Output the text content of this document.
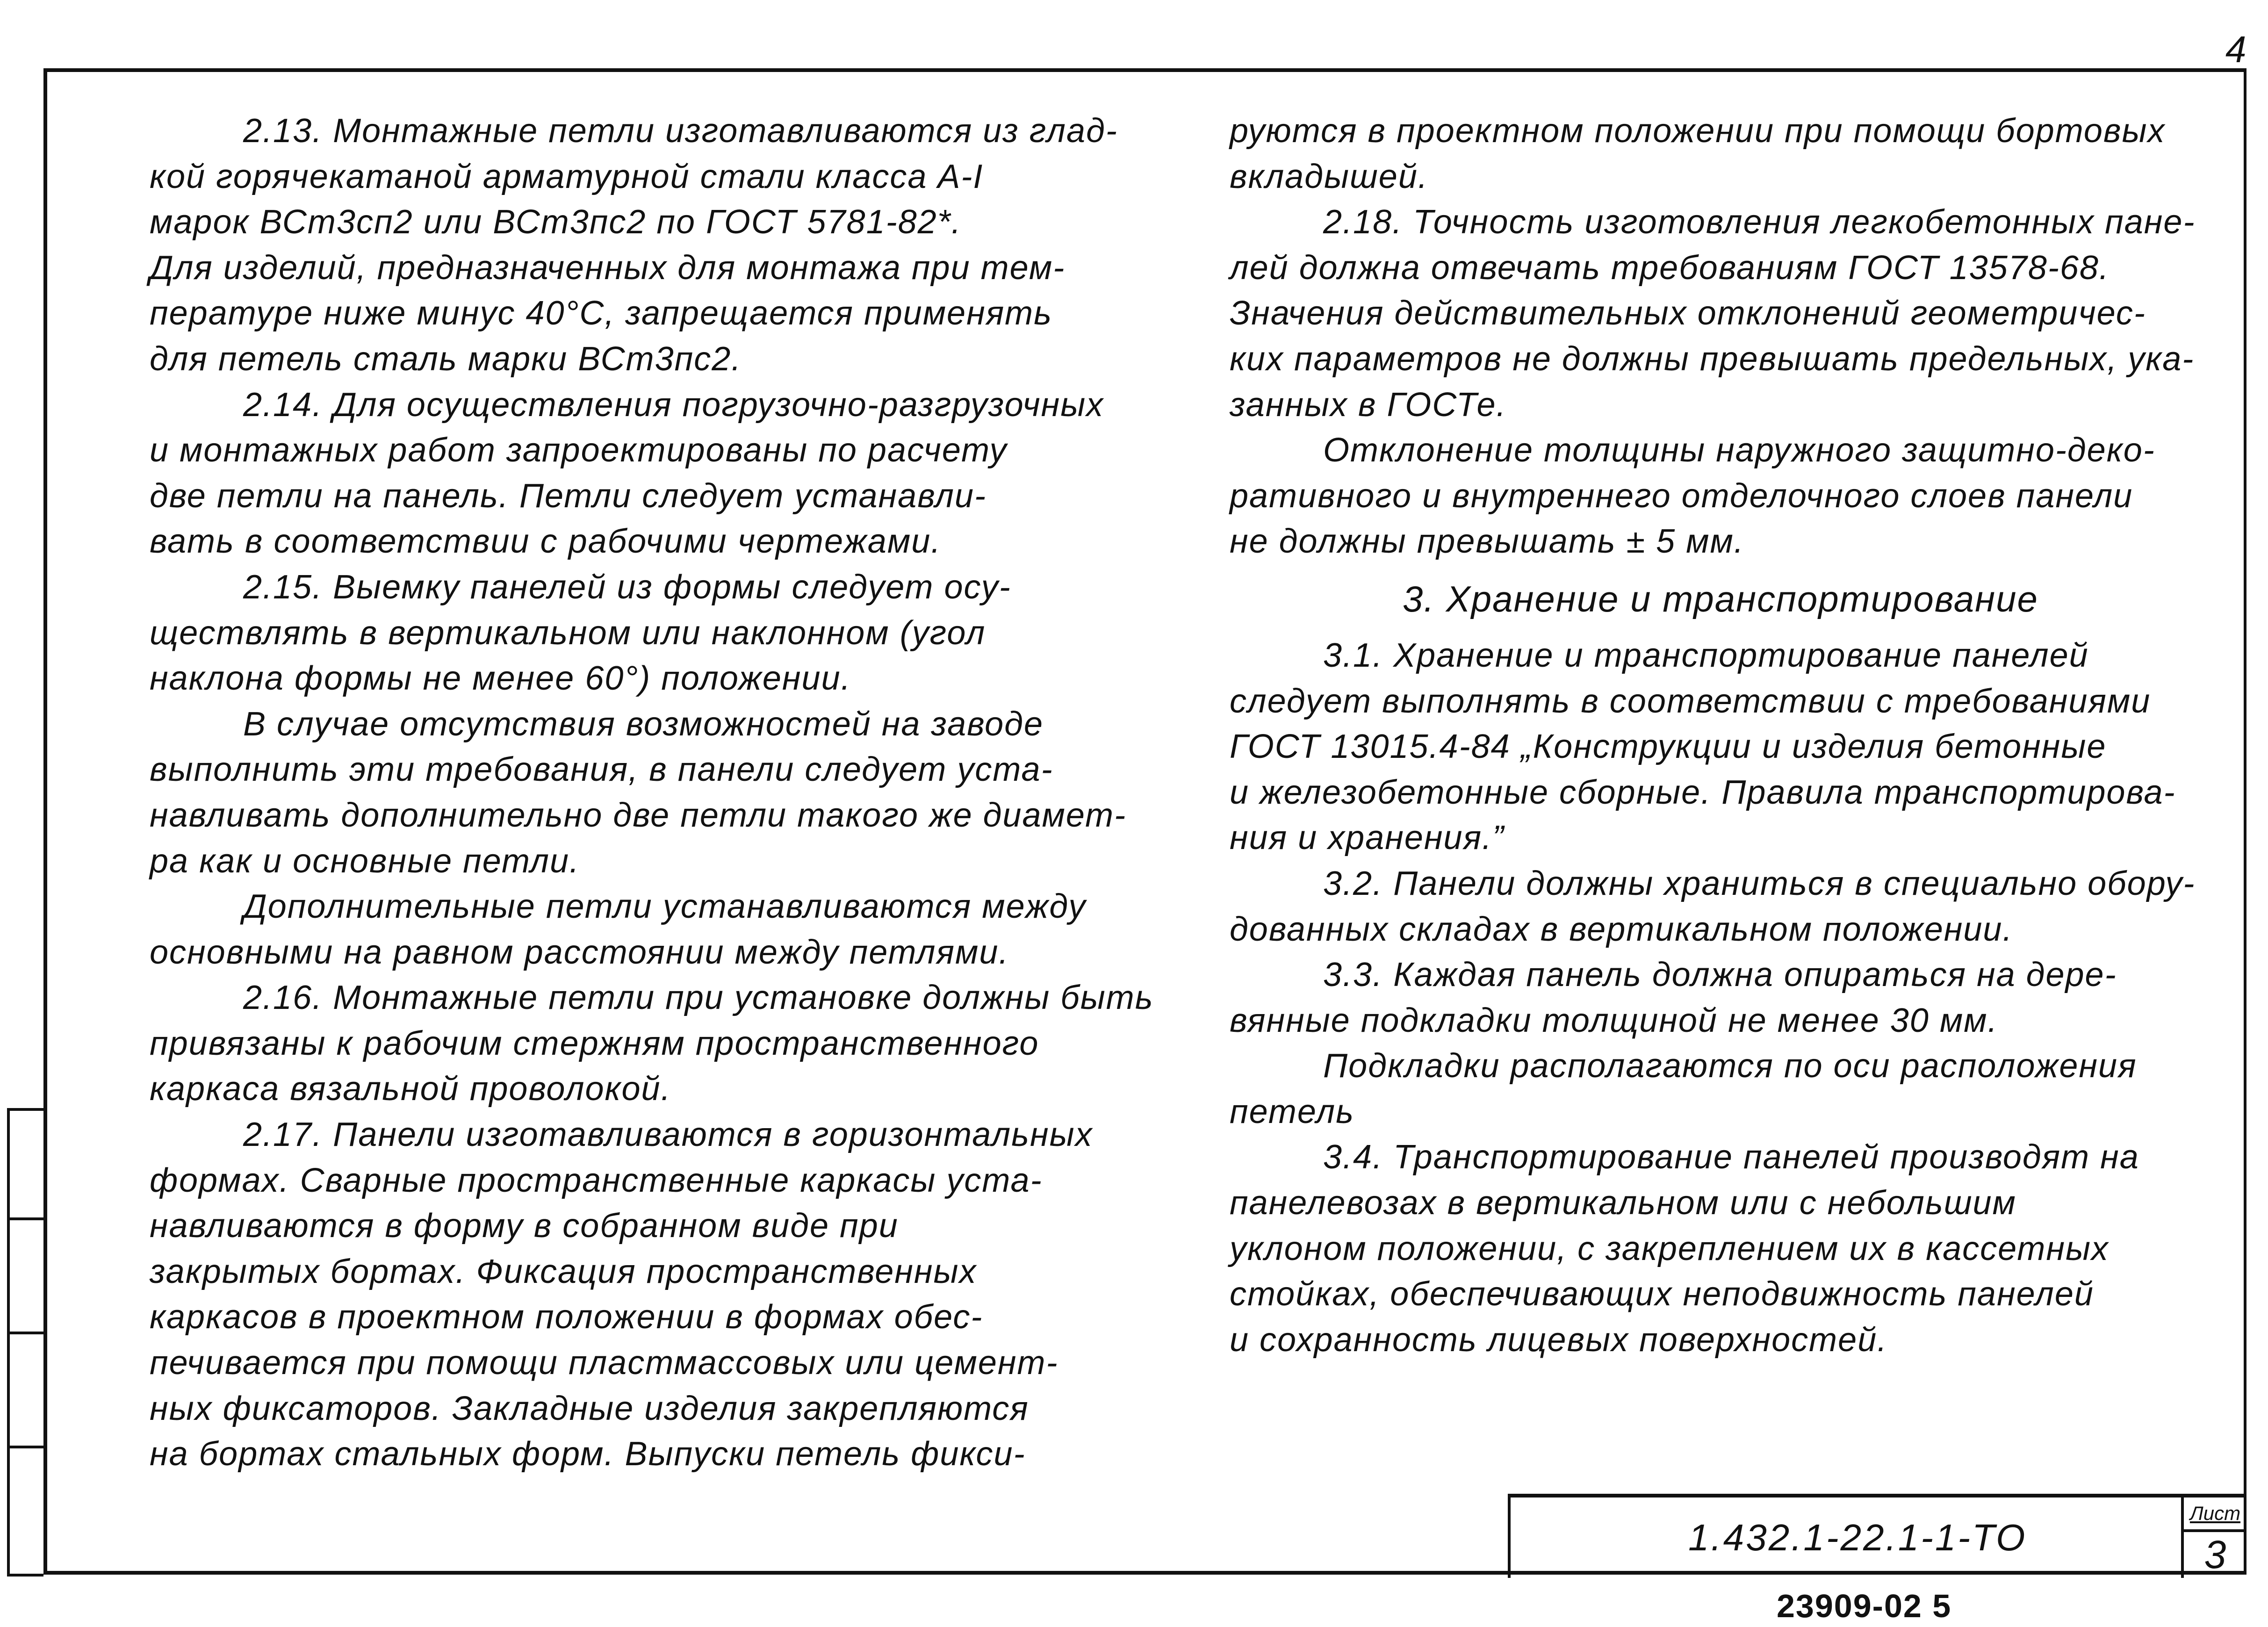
4
2.13. Монтажные петли изготавливаются из глад-
кой горячекатаной арматурной стали класса А-I
марок ВСт3сп2 или ВСт3пс2 по ГОСТ 5781-82*.
Для изделий, предназначенных для монтажа при тем-
пературе ниже минус 40°С, запрещается применять
для петель сталь марки ВСт3пс2.
2.14. Для осуществления погрузочно-разгрузочных
и монтажных работ запроектированы по расчету
две петли на панель. Петли следует устанавли-
вать в соответствии с рабочими чертежами.
2.15. Выемку панелей из формы следует осу-
ществлять в вертикальном или наклонном (угол
наклона формы не менее 60°) положении.
В случае отсутствия возможностей на заводе
выполнить эти требования, в панели следует уста-
навливать дополнительно две петли такого же диамет-
ра как и основные петли.
Дополнительные петли устанавливаются между
основными на равном расстоянии между петлями.
2.16. Монтажные петли при установке должны быть
привязаны к рабочим стержням пространственного
каркаса вязальной проволокой.
2.17. Панели изготавливаются в горизонтальных
формах. Сварные пространственные каркасы уста-
навливаются в форму в собранном виде при
закрытых бортах. Фиксация пространственных
каркасов в проектном положении в формах обес-
печивается при помощи пластмассовых или цемент-
ных фиксаторов. Закладные изделия закрепляются
на бортах стальных форм. Выпуски петель фикси-
руются в проектном положении при помощи бортовых
вкладышей.
2.18. Точность изготовления легкобетонных пане-
лей должна отвечать требованиям ГОСТ 13578-68.
Значения действительных отклонений геометричес-
ких параметров не должны превышать предельных, ука-
занных в ГОСТе.
Отклонение толщины наружного защитно-деко-
ративного и внутреннего отделочного слоев панели
не должны превышать ± 5 мм.
3. Хранение и транспортирование
3.1. Хранение и транспортирование панелей
следует выполнять в соответствии с требованиями
ГОСТ 13015.4-84 „Конструкции и изделия бетонные
и железобетонные сборные. Правила транспортирова-
ния и хранения.”
3.2. Панели должны храниться в специально обору-
дованных складах в вертикальном положении.
3.3. Каждая панель должна опираться на дере-
вянные подкладки толщиной не менее 30 мм.
Подкладки располагаются по оси расположения
петель
3.4. Транспортирование панелей производят на
панелевозах в вертикальном или с небольшим
уклоном положении, с закреплением их в кассетных
стойках, обеспечивающих неподвижность панелей
и сохранность лицевых поверхностей.
1.432.1-22.1-1-ТО
Лист
3
23909-02 5
